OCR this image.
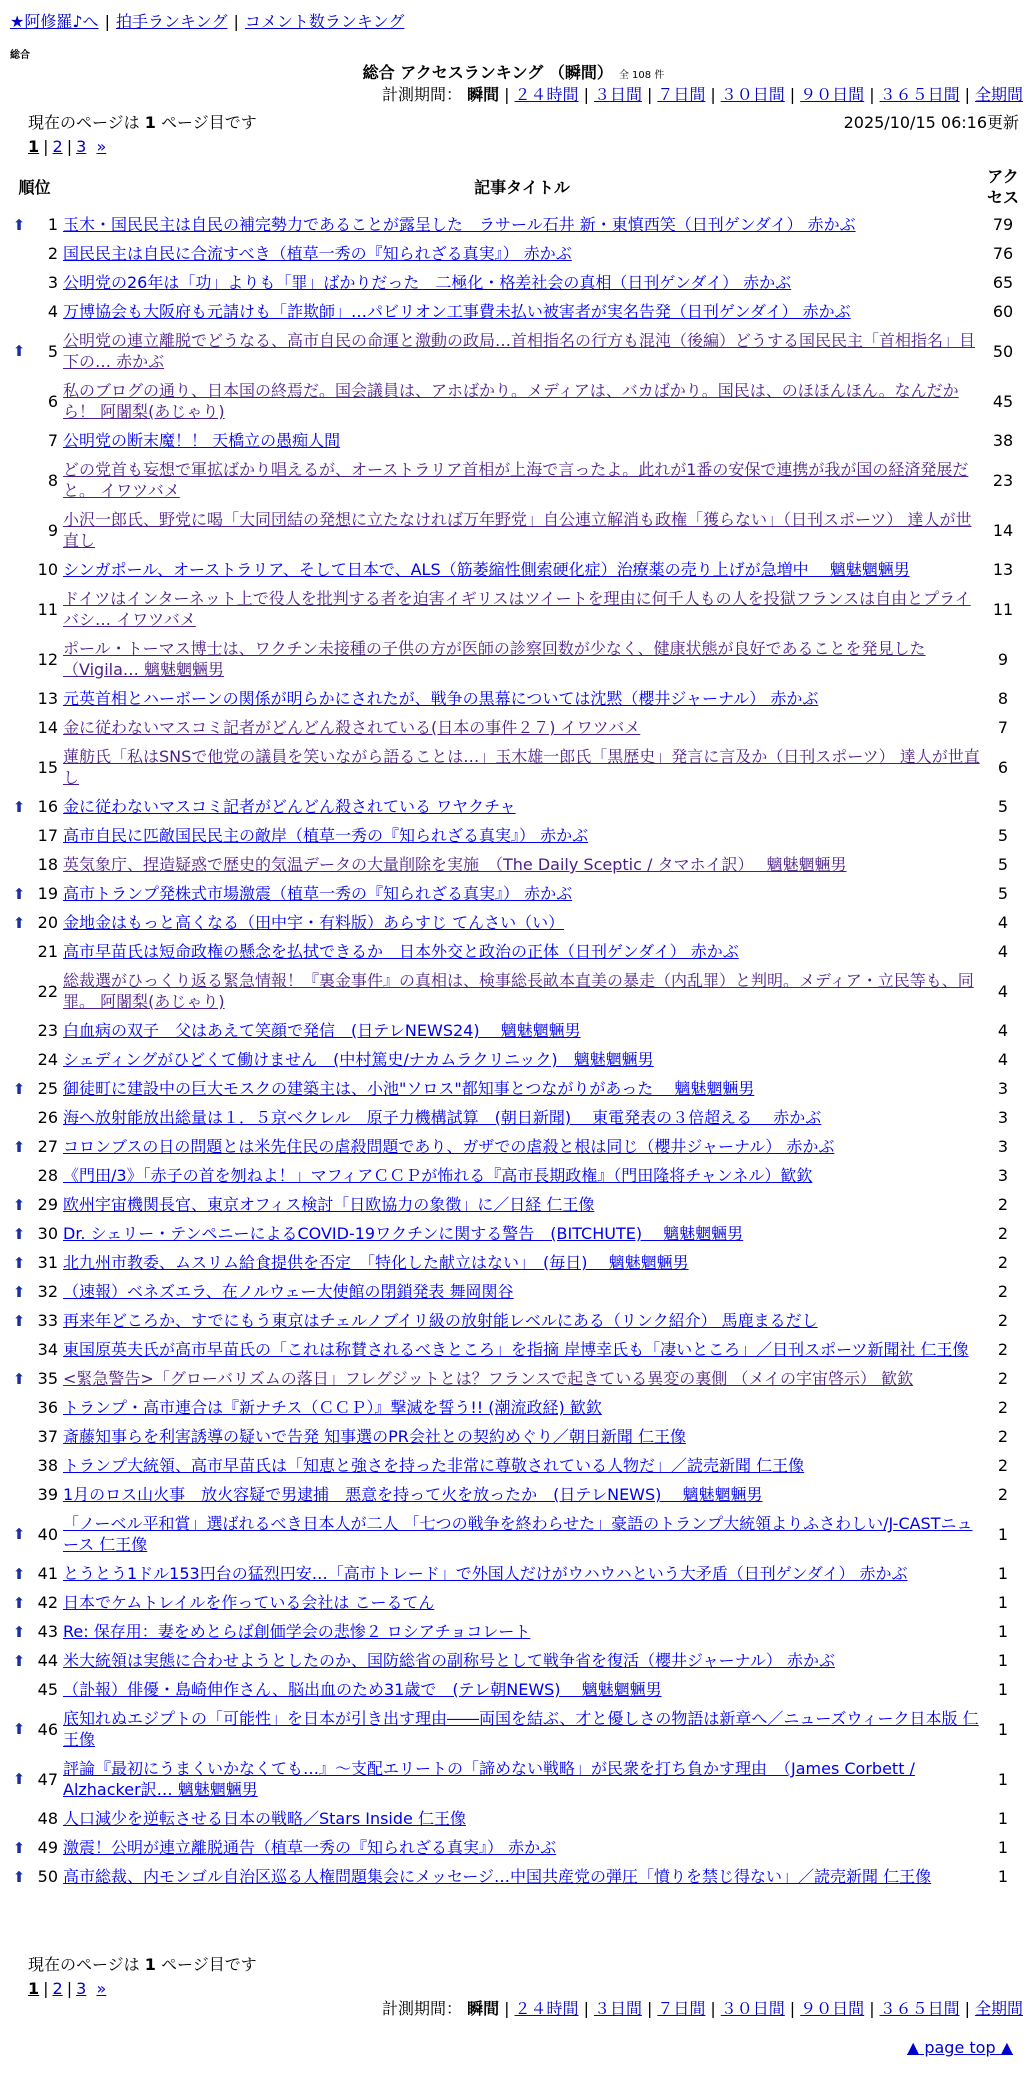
★阿修羅♪へ | 拍手ランキング | コメント数ランキング
総合
総合 アクセスランキング （瞬間） 全 108 件
計測期間： 瞬間 | ２４時間 | ３日間 | ７日間 | ３０日間 | ９０日間 | ３６５日間 | 全期間
現在のページは 1 ページ目です	2025/10/15 06:16更新
1 | 2 | 3 »
順位		記事タイトル	アクセス
⬆	1	玉木・国民民主は自民の補完勢力であることが露呈した　ラサール石井 新・東慎西笑（日刊ゲンダイ） 赤かぶ	79
	2	国民民主は自民に合流すべき（植草一秀の『知られざる真実』） 赤かぶ	76
	3	公明党の26年は「功」よりも「罪」ばかりだった　二極化・格差社会の真相（日刊ゲンダイ） 赤かぶ	65
	4	万博協会も大阪府も元請けも「詐欺師」…パビリオン工事費未払い被害者が実名告発（日刊ゲンダイ） 赤かぶ	60
⬆	5	公明党の連立離脱でどうなる、高市自民の命運と激動の政局…首相指名の行方も混沌（後編）どうする国民民主「首相指名」目下の… 赤かぶ	50
	6	私のブログの通り、日本国の終焉だ。国会議員は、アホばかり。メディアは、バカばかり。国民は、のほほんほん。なんだから！ 阿闍梨(あじゃり)	45
	7	公明党の断末魔！！ 天橋立の愚痴人間	38
	8	どの党首も妄想で軍拡ばかり唱えるが、オーストラリア首相が上海で言ったよ。此れが1番の安保で連携が我が国の経済発展だと。 イワツバメ	23
	9	小沢一郎氏、野党に喝「大同団結の発想に立たなければ万年野党」自公連立解消も政権「獲らない」（日刊スポーツ） 達人が世直し	14
	10	シンガポール、オーストラリア、そして日本で、ALS（筋萎縮性側索硬化症）治療薬の売り上げが急増中　 魑魅魍魎男	13
	11	ドイツはインターネット上で役人を批判する者を迫害イギリスはツイートを理由に何千人もの人を投獄フランスは自由とプライバシ… イワツバメ	11
	12	ポール・トーマス博士は、ワクチン未接種の子供の方が医師の診察回数が少なく、健康状態が良好であることを発見した（Vigila… 魑魅魍魎男	9
	13	元英首相とハーボーンの関係が明らかにされたが、戦争の黒幕については沈黙（櫻井ジャーナル） 赤かぶ	8
	14	金に従わないマスコミ記者がどんどん殺されている(日本の事件２７) イワツバメ	7
	15	蓮舫氏「私はSNSで他党の議員を笑いながら語ることは…」玉木雄一郎氏「黒歴史」発言に言及か（日刊スポーツ） 達人が世直し	6
⬆	16	金に従わないマスコミ記者がどんどん殺されている ワヤクチャ	5
	17	高市自民に匹敵国民民主の敵岸（植草一秀の『知られざる真実』） 赤かぶ	5
	18	英気象庁、捏造疑惑で歴史的気温データの大量削除を実施　（The Daily Sceptic / タマホイ訳）　 魑魅魍魎男	5
⬆	19	高市トランプ発株式市場激震（植草一秀の『知られざる真実』） 赤かぶ	5
⬆	20	金地金はもっと高くなる（田中宇・有料版）あらすじ てんさい（い）	4
	21	高市早苗氏は短命政権の懸念を払拭できるか　日本外交と政治の正体（日刊ゲンダイ） 赤かぶ	4
	22	総裁選がひっくり返る緊急情報！『裏金事件』の真相は、検事総長畝本直美の暴走（内乱罪）と判明。メディア・立民等も、同罪。 阿闍梨(あじゃり)	4
	23	白血病の双子　父はあえて笑顔で発信　(日テレNEWS24)　 魑魅魍魎男	4
	24	シェディングがひどくて働けません　(中村篤史/ナカムラクリニック)　魑魅魍魎男	4
⬆	25	御徒町に建設中の巨大モスクの建築主は、小池"ソロス"都知事とつながりがあった　 魑魅魍魎男	3
	26	海へ放射能放出総量は１．５京ベクレル　原子力機構試算　(朝日新聞)　 東電発表の３倍超える　 赤かぶ	3
⬆	27	コロンブスの日の問題とは米先住民の虐殺問題であり、ガザでの虐殺と根は同じ（櫻井ジャーナル） 赤かぶ	3
	28	《門田/3》「赤子の首を刎ねよ！」マフィアＣＣＰが怖れる『高市長期政権』（門田隆将チャンネル）歓欽	3
⬆	29	欧州宇宙機関長官、東京オフィス検討「日欧協力の象徴」に／日経 仁王像	2
⬆	30	Dr. シェリー・テンペニーによるCOVID-19ワクチンに関する警告　(BITCHUTE)　 魑魅魍魎男	2
⬆	31	北九州市教委、ムスリム給食提供を否定　「特化した献立はない」　(毎日)　 魑魅魍魎男	2
⬆	32	（速報）ベネズエラ、在ノルウェー大使館の閉鎖発表 舞岡関谷	2
⬆	33	再来年どころか、すでにもう東京はチェルノブイリ級の放射能レベルにある（リンク紹介） 馬鹿まるだし	2
	34	東国原英夫氏が高市早苗氏の「これは称賛されるべきところ」を指摘 岸博幸氏も「凄いところ」／日刊スポーツ新聞社 仁王像	2
⬆	35	<緊急警告>「グローバリズムの落日」フレグジットとは？フランスで起きている異変の裏側 （メイの宇宙啓示） 歓欽	2
	36	トランプ・高市連合は『新ナチス（ＣＣＰ）』撃滅を誓う!! (潮流政経) 歓欽	2
	37	斎藤知事らを利害誘導の疑いで告発 知事選のPR会社との契約めぐり／朝日新聞 仁王像	2
	38	トランプ大統領、高市早苗氏は「知恵と強さを持った非常に尊敬されている人物だ」／読売新聞 仁王像	2
	39	1月のロス山火事　放火容疑で男逮捕　悪意を持って火を放ったか　(日テレNEWS)　 魑魅魍魎男	2
⬆	40	「ノーベル平和賞」選ばれるべき日本人が二人 「七つの戦争を終わらせた」豪語のトランプ大統領よりふさわしい/J-CASTニュース 仁王像	1
⬆	41	とうとう1ドル153円台の猛烈円安…「高市トレード」で外国人だけがウハウハという大矛盾（日刊ゲンダイ） 赤かぶ	1
⬆	42	日本でケムトレイルを作っている会社は こーるてん	1
⬆	43	Re: 保存用：妻をめとらば創価学会の悲惨２ ロシアチョコレート	1
⬆	44	米大統領は実態に合わせようとしたのか、国防総省の副称号として戦争省を復活（櫻井ジャーナル） 赤かぶ	1
	45	（訃報）俳優・島崎伸作さん、脳出血のため31歳で　(テレ朝NEWS)　 魑魅魍魎男	1
⬆	46	底知れぬエジプトの「可能性」を日本が引き出す理由――両国を結ぶ、才と優しさの物語は新章へ／ニューズウィーク日本版 仁王像	1
⬆	47	評論『最初にうまくいかなくても…』～支配エリートの「諦めない戦略」が民衆を打ち負かす理由　（James Corbett / Alzhacker訳… 魑魅魍魎男	1
	48	人口減少を逆転させる日本の戦略／Stars Inside 仁王像	1
⬆	49	激震！公明が連立離脱通告（植草一秀の『知られざる真実』） 赤かぶ	1
⬆	50	高市総裁、内モンゴル自治区巡る人権問題集会にメッセージ…中国共産党の弾圧「憤りを禁じ得ない」／読売新聞 仁王像	1
現在のページは 1 ページ目です
1 | 2 | 3 »
計測期間： 瞬間 | ２４時間 | ３日間 | ７日間 | ３０日間 | ９０日間 | ３６５日間 | 全期間
▲ page top ▲
